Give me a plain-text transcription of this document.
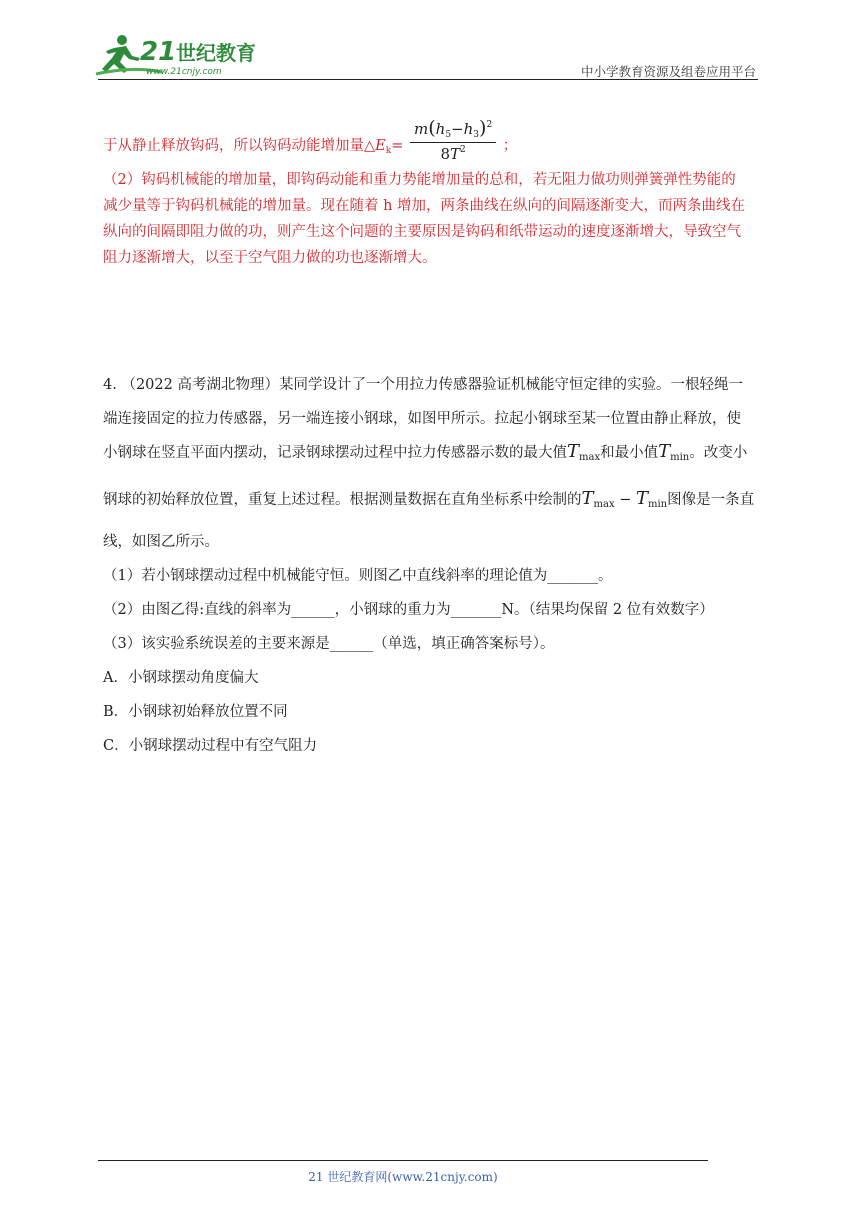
21 世纪教育
www.21cnjy.com	中小学教育资源及组卷应用平台
于从静止释放钩码，所以钩码动能增加量$\triangle E_k= \frac{m(h_5-h_3)^2}{8T^2}$ ；
（2）钩码机械能的增加量，即钩码动能和重力势能增加量的总和，若无阻力做功则弹簧弹性势能的
减少量等于钩码机械能的增加量。现在随着 h 增加，两条曲线在纵向的间隔逐渐变大，而两条曲线在
纵向的间隔即阻力做的功，则产生这个问题的主要原因是钩码和纸带运动的速度逐渐增大，导致空气
阻力逐渐增大，以至于空气阻力做的功也逐渐增大。
4. （2022 高考湖北物理）某同学设计了一个用拉力传感器验证机械能守恒定律的实验。一根轻绳一
端连接固定的拉力传感器，另一端连接小钢球，如图甲所示。拉起小钢球至某一位置由静止释放，使
小钢球在竖直平面内摆动，记录钢球摆动过程中拉力传感器示数的最大值$T_{max}$和最小值$T_{min}$。改变小
钢球的初始释放位置，重复上述过程。根据测量数据在直角坐标系中绘制的$T_{max} - T_{min}$图像是一条直
线，如图乙所示。
（1）若小钢球摆动过程中机械能守恒。则图乙中直线斜率的理论值为_______。
（2）由图乙得:直线的斜率为______，小钢球的重力为_______N。（结果均保留 2 位有效数字）
（3）该实验系统误差的主要来源是______（单选，填正确答案标号）。
A．小钢球摆动角度偏大
B．小钢球初始释放位置不同
C．小钢球摆动过程中有空气阻力
21 世纪教育网(www.21cnjy.com)
